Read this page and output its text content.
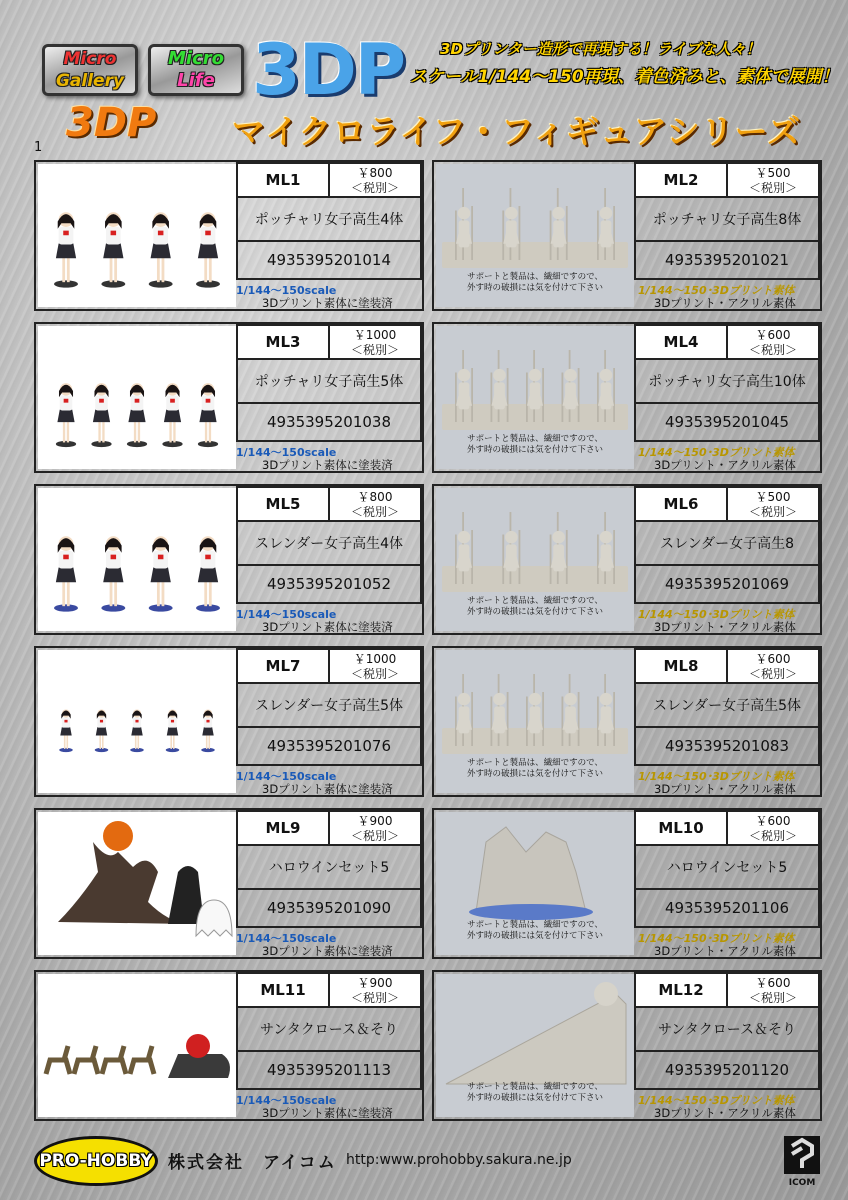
Micro
Gallery
Micro
Life 3DP 3Dプリンター造形で再現する！ライブな人々！
スケール1/144～150再現、着色済みと、素体で展開！
1
3DP マイクロライフ・フィギュアシリーズ
ML1	￥800
＜税別＞
ポッチャリ女子高生4体
4935395201014
1/144～150scale
3Dプリント素体に塗装済
サポートと製品は、繊細ですので、
外す時の破損には気を付けて下さい
ML2	￥500
＜税別＞
ポッチャリ女子高生8体
4935395201021
1/144～150･3Dプリント素体
3Dプリント・アクリル素体
ML3	￥1000
＜税別＞
ポッチャリ女子高生5体
4935395201038
1/144～150scale
3Dプリント素体に塗装済
サポートと製品は、繊細ですので、
外す時の破損には気を付けて下さい
ML4	￥600
＜税別＞
ポッチャリ女子高生10体
4935395201045
1/144～150･3Dプリント素体
3Dプリント・アクリル素体
ML5	￥800
＜税別＞
スレンダー女子高生4体
4935395201052
1/144～150scale
3Dプリント素体に塗装済
サポートと製品は、繊細ですので、
外す時の破損には気を付けて下さい
ML6	￥500
＜税別＞
スレンダー女子高生8
4935395201069
1/144～150･3Dプリント素体
3Dプリント・アクリル素体
ML7	￥1000
＜税別＞
スレンダー女子高生5体
4935395201076
1/144～150scale
3Dプリント素体に塗装済
サポートと製品は、繊細ですので、
外す時の破損には気を付けて下さい
ML8	￥600
＜税別＞
スレンダー女子高生5体
4935395201083
1/144～150･3Dプリント素体
3Dプリント・アクリル素体
ML9	￥900
＜税別＞
ハロウインセット5
4935395201090
1/144～150scale
3Dプリント素体に塗装済
サポートと製品は、繊細ですので、
外す時の破損には気を付けて下さい
ML10	￥600
＜税別＞
ハロウインセット5
4935395201106
1/144～150･3Dプリント素体
3Dプリント・アクリル素体
ML11	￥900
＜税別＞
サンタクロース＆そり
4935395201113
1/144～150scale
3Dプリント素体に塗装済
サポートと製品は、繊細ですので、
外す時の破損には気を付けて下さい
ML12	￥600
＜税別＞
サンタクロース＆そり
4935395201120
1/144～150･3Dプリント素体
3Dプリント・アクリル素体
PRO-HOBBY 株式会社　アイコム http:www.prohobby.sakura.ne.jp
ICOM
